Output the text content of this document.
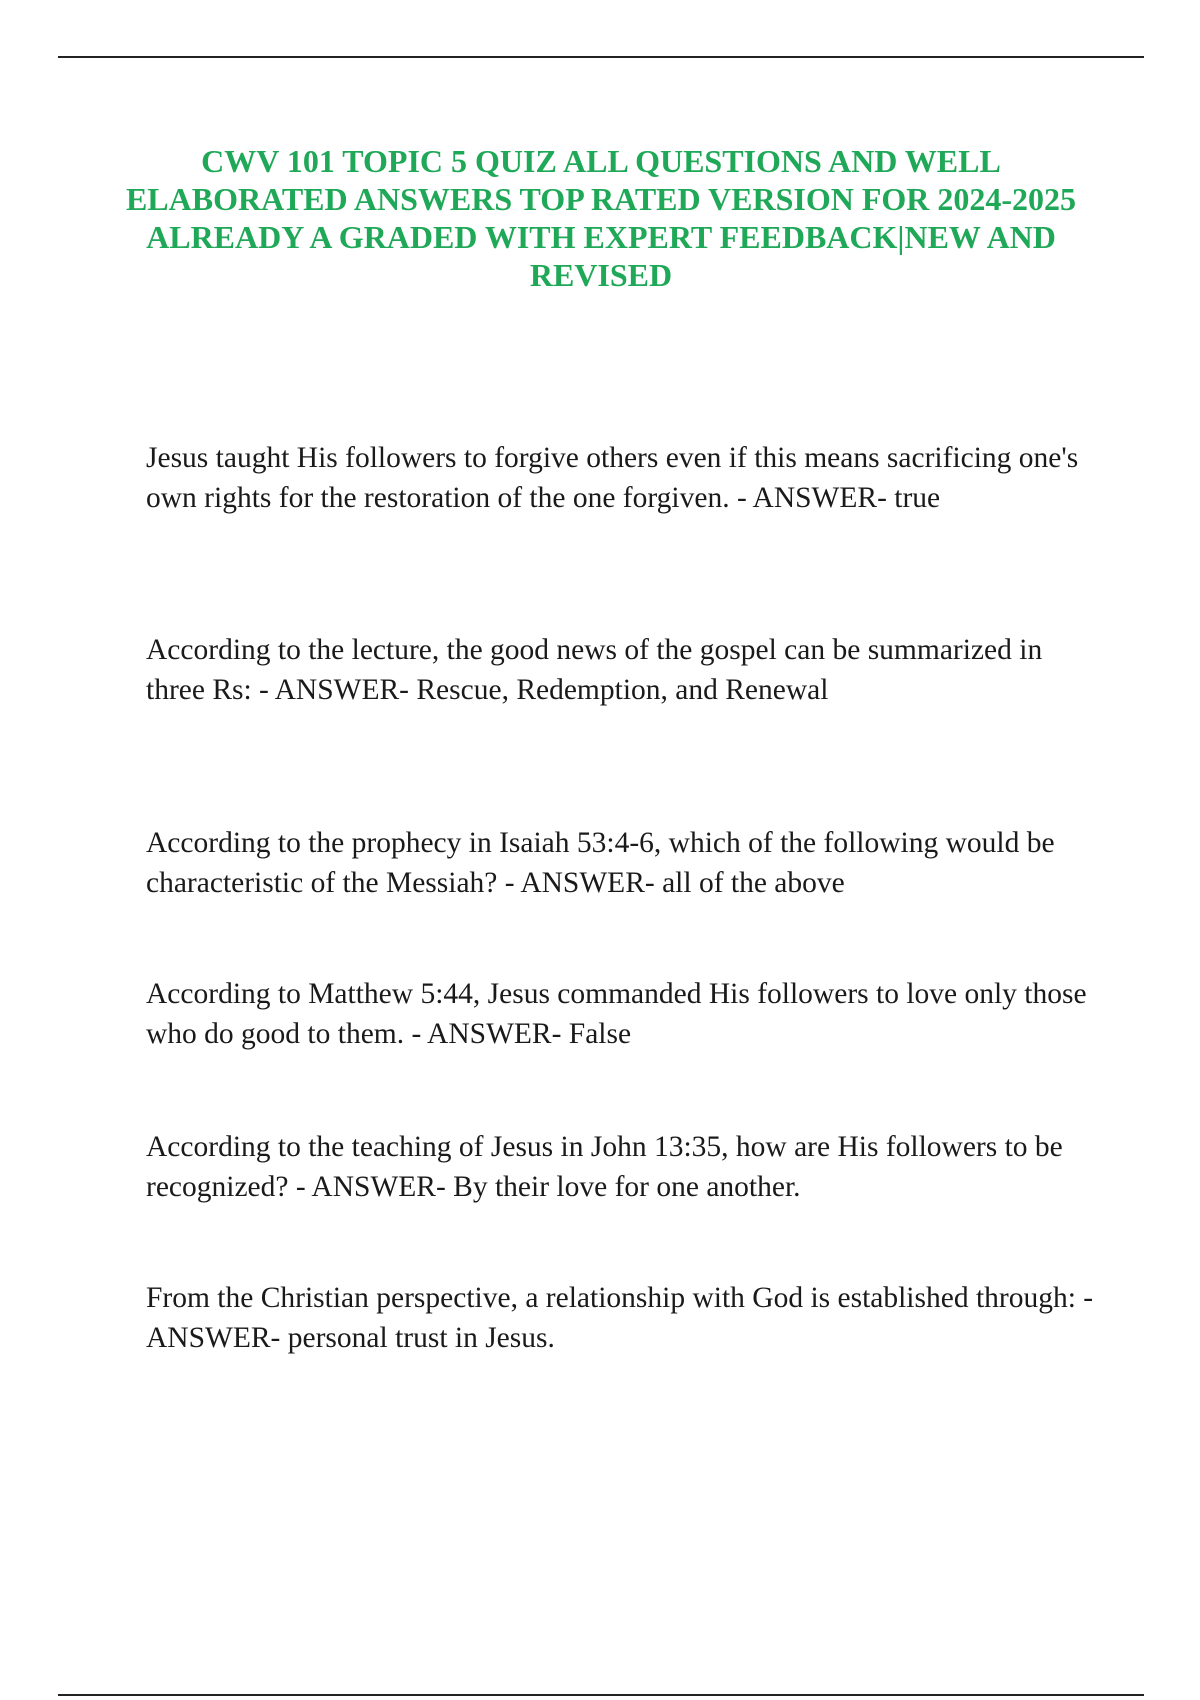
CWV 101 TOPIC 5 QUIZ ALL QUESTIONS AND WELL ELABORATED ANSWERS TOP RATED VERSION FOR 2024-2025 ALREADY A GRADED WITH EXPERT FEEDBACK|NEW AND REVISED

Jesus taught His followers to forgive others even if this means sacrificing one's own rights for the restoration of the one forgiven. - ANSWER- true

According to the lecture, the good news of the gospel can be summarized in three Rs: - ANSWER- Rescue, Redemption, and Renewal

According to the prophecy in Isaiah 53:4-6, which of the following would be characteristic of the Messiah? - ANSWER- all of the above

According to Matthew 5:44, Jesus commanded His followers to love only those who do good to them. - ANSWER- False

According to the teaching of Jesus in John 13:35, how are His followers to be recognized? - ANSWER- By their love for one another.

From the Christian perspective, a relationship with God is established through: - ANSWER- personal trust in Jesus.
